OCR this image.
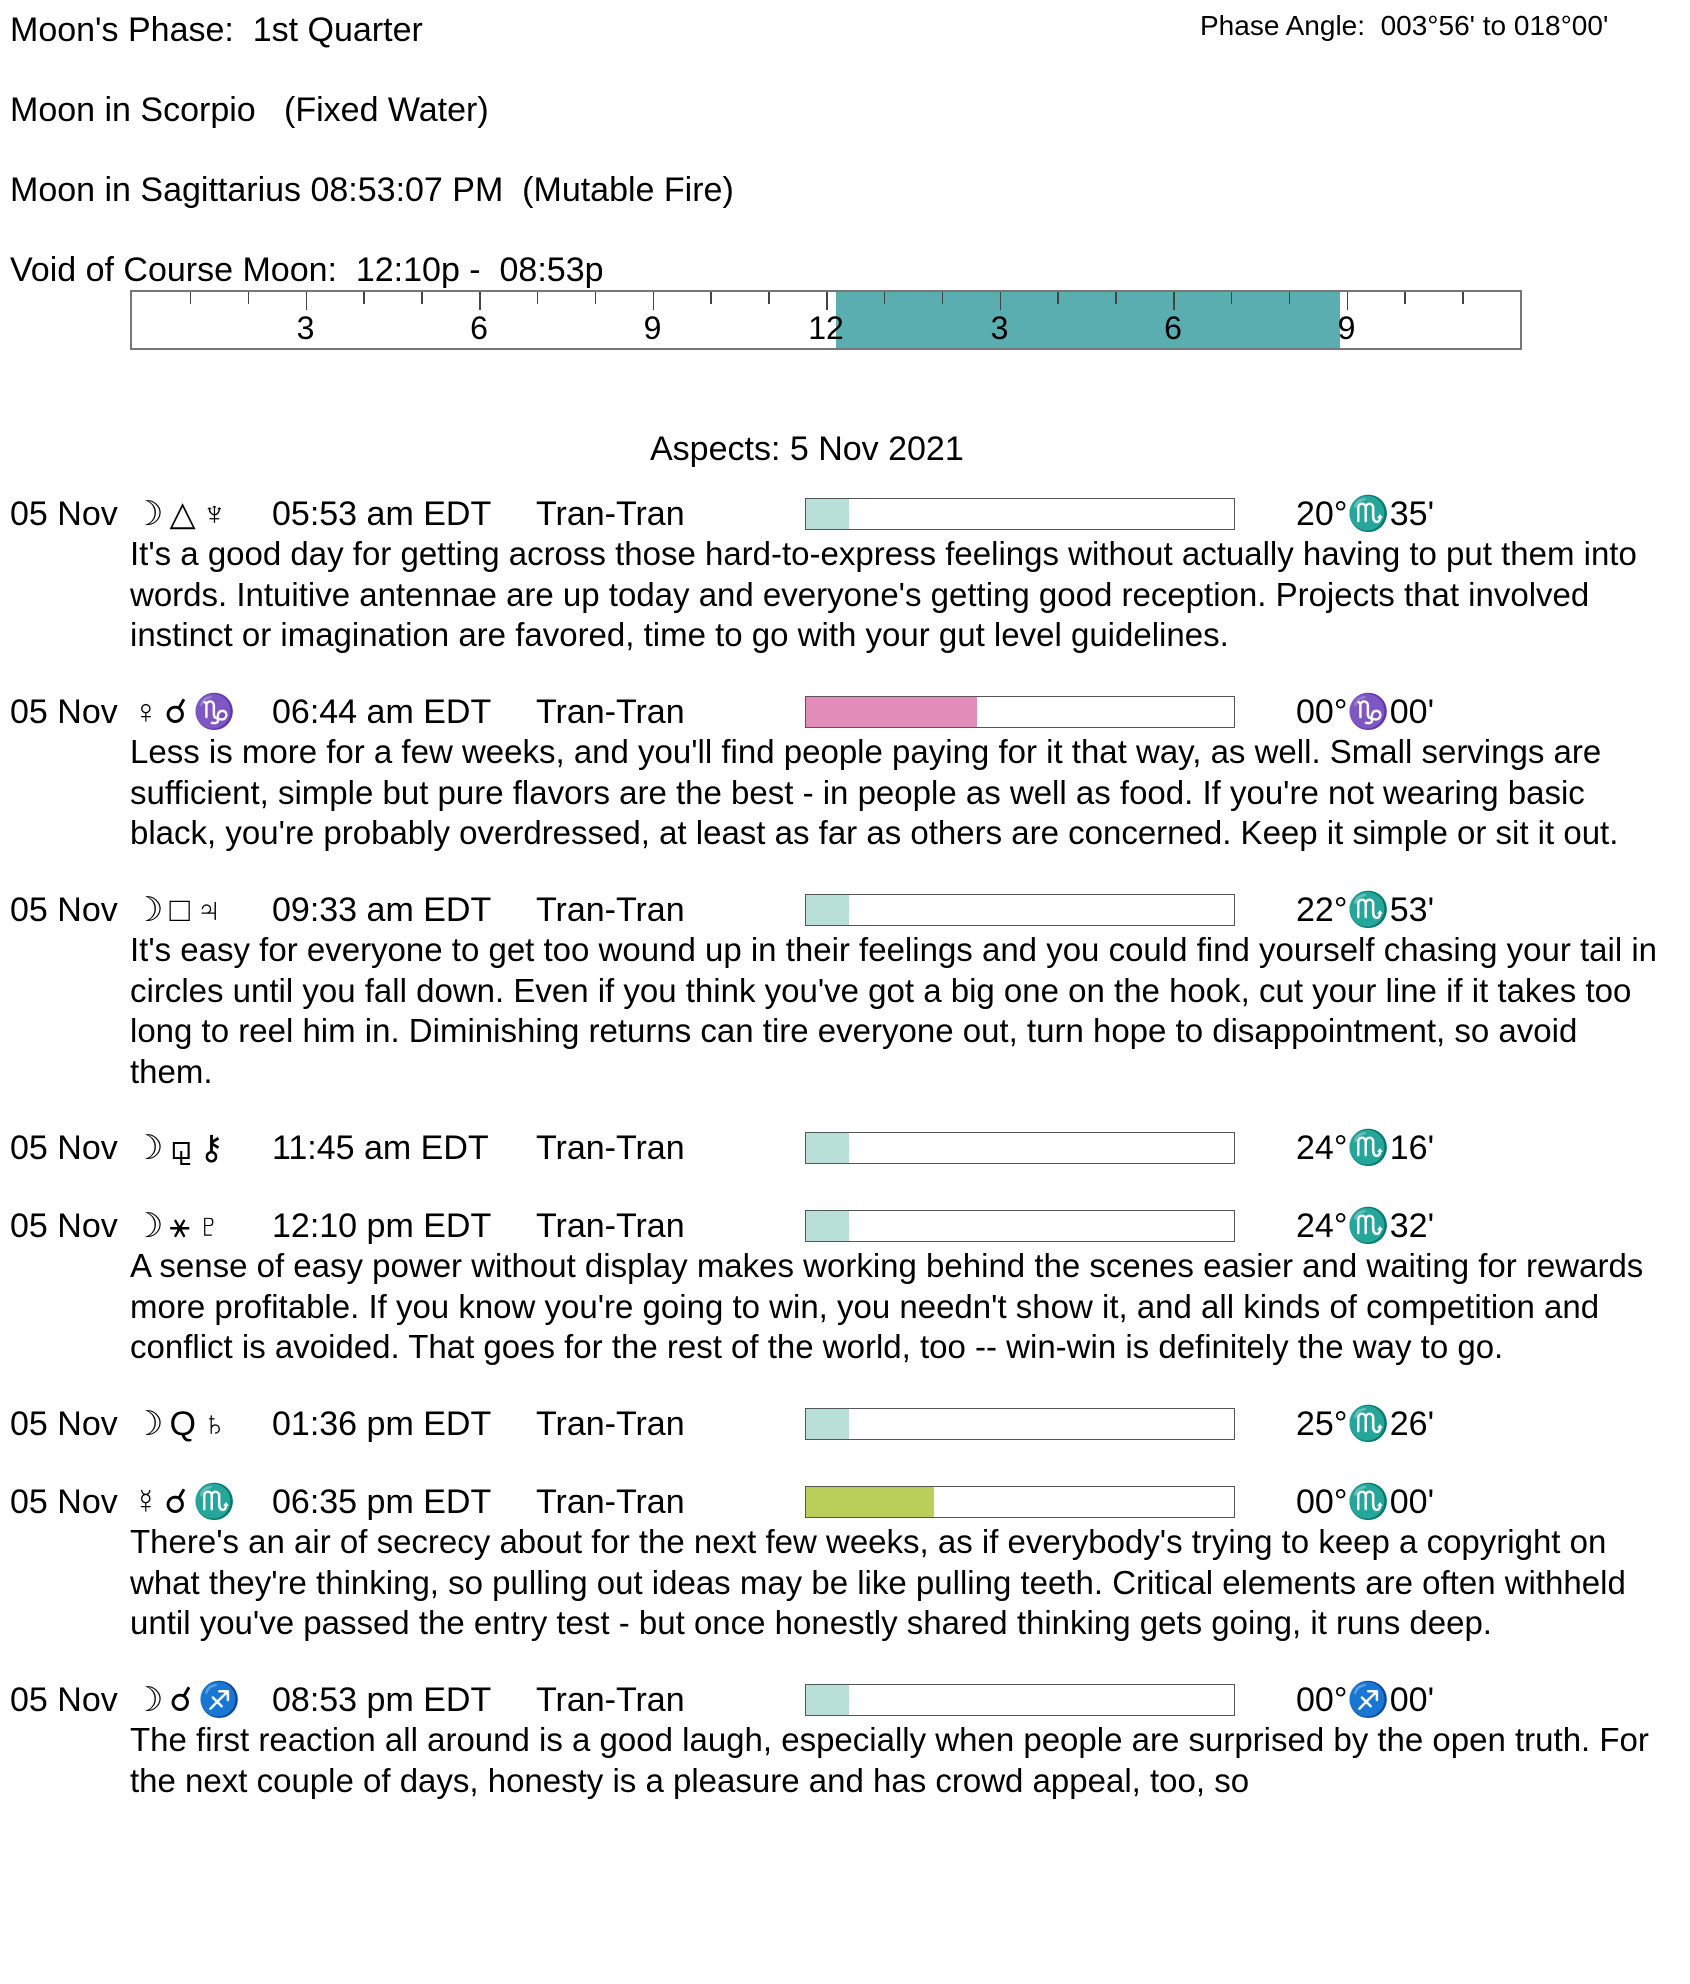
Moon's Phase:  1st Quarter	Phase Angle:  003°56' to 018°00'
Moon in Scorpio   (Fixed Water)
Moon in Sagittarius 08:53:07 PM  (Mutable Fire)
Void of Course Moon:  12:10p -  08:53p
3	6	9	12	3	6	9
Aspects: 5 Nov 2021
05 Nov ☽△♆ 05:53 am EDT Tran-Tran	20°♏35'
It's a good day for getting across those hard-to-express feelings without actually having to put them into words. Intuitive antennae are up today and everyone's getting good reception. Projects that involved instinct or imagination are favored, time to go with your gut level guidelines.
05 Nov ♀☌♑ 06:44 am EDT Tran-Tran	00°♑00'
Less is more for a few weeks, and you'll find people paying for it that way, as well. Small servings are sufficient, simple but pure flavors are the best - in people as well as food. If you're not wearing basic black, you're probably overdressed, at least as far as others are concerned. Keep it simple or sit it out.
05 Nov ☽□♃ 09:33 am EDT Tran-Tran	22°♏53'
It's easy for everyone to get too wound up in their feelings and you could find yourself chasing your tail in circles until you fall down. Even if you think you've got a big one on the hook, cut your line if it takes too long to reel him in. Diminishing returns can tire everyone out, turn hope to disappointment, so avoid them.
05 Nov ☽⚼⚷ 11:45 am EDT Tran-Tran	24°♏16'
05 Nov ☽⚹♇ 12:10 pm EDT Tran-Tran	24°♏32'
A sense of easy power without display makes working behind the scenes easier and waiting for rewards more profitable. If you know you're going to win, you needn't show it, and all kinds of competition and conflict is avoided. That goes for the rest of the world, too -- win-win is definitely the way to go.
05 Nov ☽Q♄ 01:36 pm EDT Tran-Tran	25°♏26'
05 Nov ☿☌♏ 06:35 pm EDT Tran-Tran	00°♏00'
There's an air of secrecy about for the next few weeks, as if everybody's trying to keep a copyright on what they're thinking, so pulling out ideas may be like pulling teeth. Critical elements are often withheld until you've passed the entry test - but once honestly shared thinking gets going, it runs deep.
05 Nov ☽☌♐ 08:53 pm EDT Tran-Tran	00°♐00'
The first reaction all around is a good laugh, especially when people are surprised by the open truth. For the next couple of days, honesty is a pleasure and has crowd appeal, too, so
